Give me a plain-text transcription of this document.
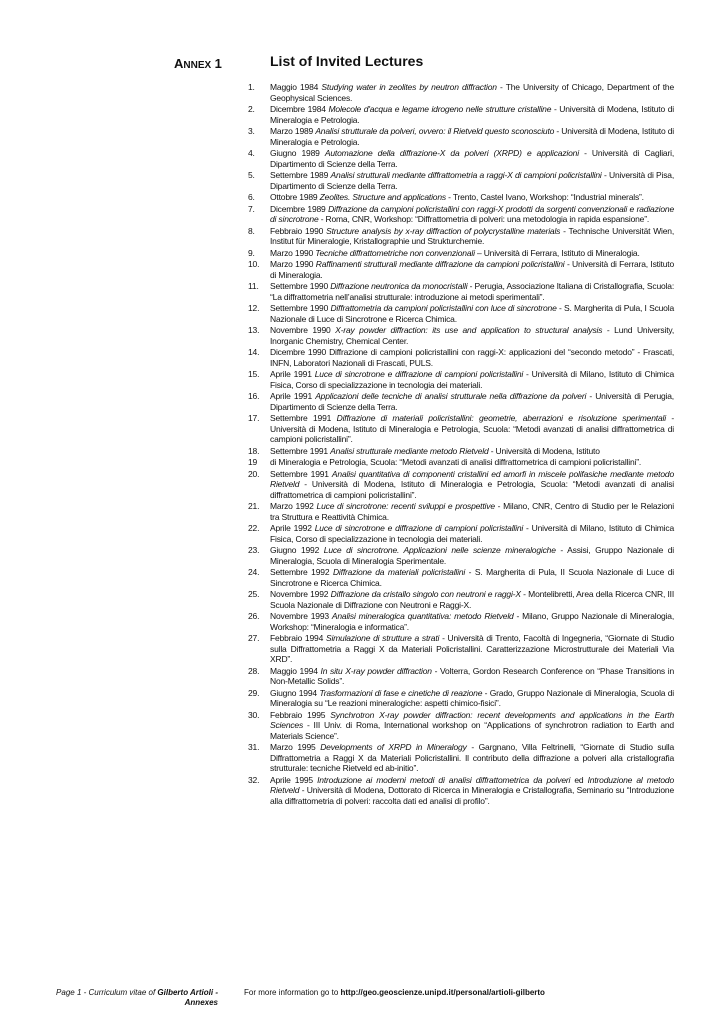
ANNEX 1	List of Invited Lectures
1. Maggio 1984 Studying water in zeolites by neutron diffraction - The University of Chicago, Department of the Geophysical Sciences.
2. Dicembre 1984 Molecole d'acqua e legame idrogeno nelle strutture cristalline - Università di Modena, Istituto di Mineralogia e Petrologia.
3. Marzo 1989 Analisi strutturale da polveri, ovvero: il Rietveld questo sconosciuto - Università di Modena, Istituto di Mineralogia e Petrologia.
4. Giugno 1989 Automazione della diffrazione-X da polveri (XRPD) e applicazioni - Università di Cagliari, Dipartimento di Scienze della Terra.
5. Settembre 1989 Analisi strutturali mediante diffrattometria a raggi-X di campioni policristallini - Università di Pisa, Dipartimento di Scienze della Terra.
6. Ottobre 1989 Zeolites. Structure and applications - Trento, Castel Ivano, Workshop: “Industrial minerals”.
7. Dicembre 1989 Diffrazione da campioni policristallini con raggi-X prodotti da sorgenti convenzionali e radiazione di sincrotrone - Roma, CNR, Workshop: “Diffrattometria di polveri: una metodologia in rapida espansione”.
8. Febbraio 1990 Structure analysis by x-ray diffraction of polycrystalline materials - Technische Universität Wien, Institut für Mineralogie, Kristallographie und Strukturchemie.
9. Marzo 1990 Tecniche diffrattometriche non convenzionali – Università di Ferrara, Istituto di Mineralogia.
10. Marzo 1990 Raffinamenti strutturali mediante diffrazione da campioni policristallini - Università di Ferrara, Istituto di Mineralogia.
11. Settembre 1990 Diffrazione neutronica da monocristalli - Perugia, Associazione Italiana di Cristallografia, Scuola: “La diffrattometria nell’analisi strutturale: introduzione ai metodi sperimentali”.
12. Settembre 1990 Diffrattometria da campioni policristallini con luce di sincrotrone - S. Margherita di Pula, I Scuola Nazionale di Luce di Sincrotrone e Ricerca Chimica.
13. Novembre 1990 X-ray powder diffraction: its use and application to structural analysis - Lund University, Inorganic Chemistry, Chemical Center.
14. Dicembre 1990 Diffrazione di campioni policristallini con raggi-X: applicazioni del “secondo metodo” - Frascati, INFN, Laboratori Nazionali di Frascati, PULS.
15. Aprile 1991 Luce di sincrotrone e diffrazione di campioni policristallini - Università di Milano, Istituto di Chimica Fisica, Corso di specializzazione in tecnologia dei materiali.
16. Aprile 1991 Applicazioni delle tecniche di analisi strutturale nella diffrazione da polveri - Università di Perugia, Dipartimento di Scienze della Terra.
17. Settembre 1991 Diffrazione di materiali policristallini: geometrie, aberrazioni e risoluzione sperimentali - Università di Modena, Istituto di Mineralogia e Petrologia, Scuola: “Metodi avanzati di analisi diffrattometrica di campioni policristallini”.
18. Settembre 1991 Analisi strutturale mediante metodo Rietveld - Università di Modena, Istituto
19 di Mineralogia e Petrologia, Scuola: “Metodi avanzati di analisi diffrattometrica di campioni policristallini”.
20. Settembre 1991 Analisi quantitativa di componenti cristallini ed amorfi in miscele polifasiche mediante metodo Rietveld - Università di Modena, Istituto di Mineralogia e Petrologia, Scuola: “Metodi avanzati di analisi diffrattometrica di campioni policristallini”.
21. Marzo 1992 Luce di sincrotrone: recenti sviluppi e prospettive - Milano, CNR, Centro di Studio per le Relazioni tra Struttura e Reattività Chimica.
22. Aprile 1992 Luce di sincrotrone e diffrazione di campioni policristallini - Università di Milano, Istituto di Chimica Fisica, Corso di specializzazione in tecnologia dei materiali.
23. Giugno 1992 Luce di sincrotrone. Applicazioni nelle scienze mineralogiche - Assisi, Gruppo Nazionale di Mineralogia, Scuola di Mineralogia Sperimentale.
24. Settembre 1992 Diffrazione da materiali policristallini - S. Margherita di Pula, II Scuola Nazionale di Luce di Sincrotrone e Ricerca Chimica.
25. Novembre 1992 Diffrazione da cristallo singolo con neutroni e raggi-X - Montelibretti, Area della Ricerca CNR, III Scuola Nazionale di Diffrazione con Neutroni e Raggi-X.
26. Novembre 1993 Analisi mineralogica quantitativa: metodo Rietveld - Milano, Gruppo Nazionale di Mineralogia, Workshop: “Mineralogia e informatica”.
27. Febbraio 1994 Simulazione di strutture a strati - Università di Trento, Facoltà di Ingegneria, “Giornate di Studio sulla Diffrattometria a Raggi X da Materiali Policristallini. Caratterizzazione Microstrutturale dei Materiali Via XRD”.
28. Maggio 1994 In situ X-ray powder diffraction - Volterra, Gordon Research Conference on “Phase Transitions in Non-Metallic Solids”.
29. Giugno 1994 Trasformazioni di fase e cinetiche di reazione - Grado, Gruppo Nazionale di Mineralogia, Scuola di Mineralogia su “Le reazioni mineralogiche: aspetti chimico-fisici”.
30. Febbraio 1995 Synchrotron X-ray powder diffraction: recent developments and applications in the Earth Sciences - III Univ. di Roma, International workshop on “Applications of synchrotron radiation to Earth and Materials Science”.
31. Marzo 1995 Developments of XRPD in Mineralogy - Gargnano, Villa Feltrinelli, “Giornate di Studio sulla Diffrattometria a Raggi X da Materiali Policristallini. Il contributo della diffrazione a polveri alla cristallografia strutturale: tecniche Rietveld ed ab-initio”.
32. Aprile 1995 Introduzione ai moderni metodi di analisi diffrattometrica da polveri ed Introduzione al metodo Rietveld - Università di Modena, Dottorato di Ricerca in Mineralogia e Cristallografia, Seminario su “Introduzione alla diffrattometria di polveri: raccolta dati ed analisi di profilo”.
Page 1 - Curriculum vitae of Gilberto Artioli -
Annexes
For more information go to http://geo.geoscienze.unipd.it/personal/artioli-gilberto
